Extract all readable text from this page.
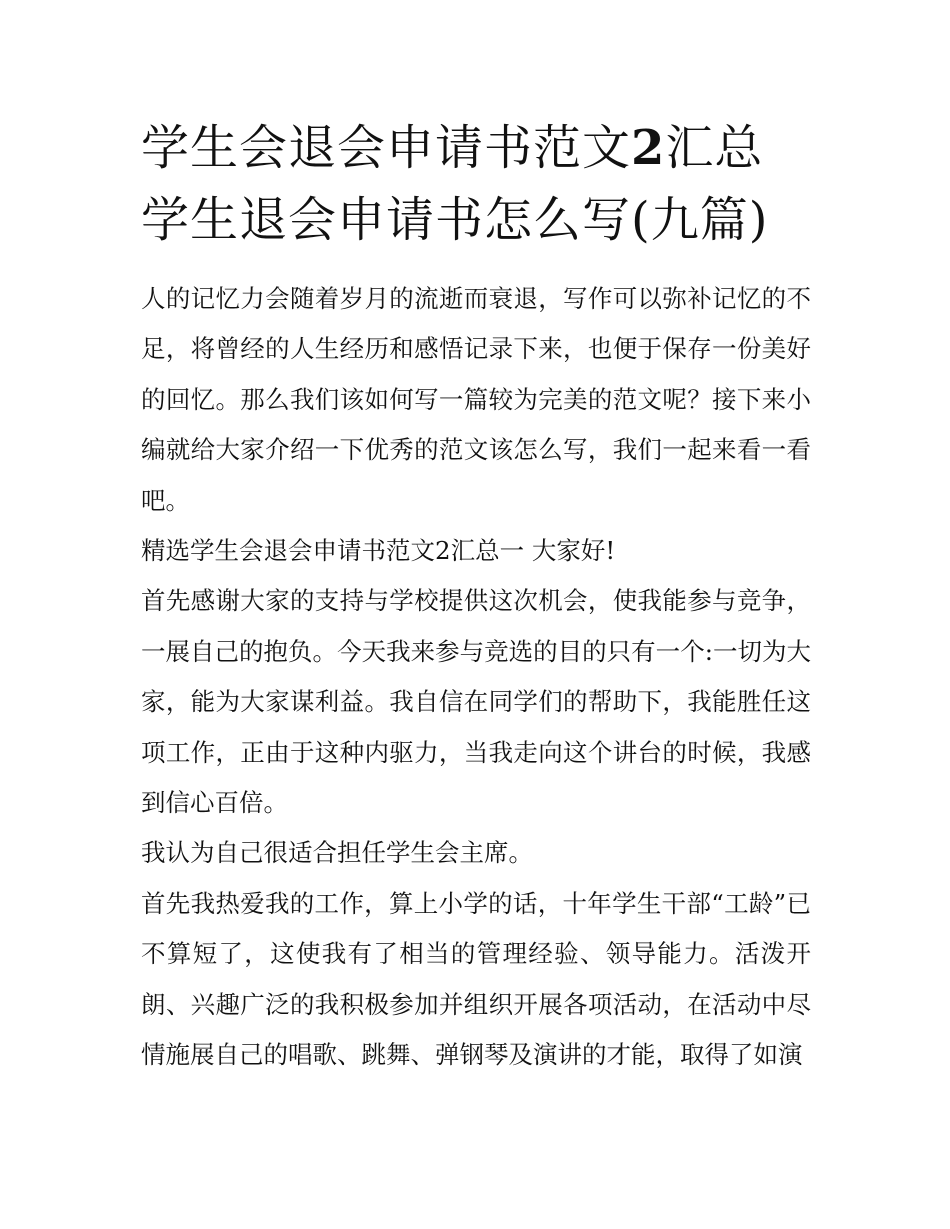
学生会退会申请书范文2汇总
学生退会申请书怎么写(九篇)

人的记忆力会随着岁月的流逝而衰退，写作可以弥补记忆的不足，将曾经的人生经历和感悟记录下来，也便于保存一份美好的回忆。那么我们该如何写一篇较为完美的范文呢？接下来小编就给大家介绍一下优秀的范文该怎么写，我们一起来看一看吧。

精选学生会退会申请书范文2汇总一 大家好!

首先感谢大家的支持与学校提供这次机会，使我能参与竞争，一展自己的抱负。今天我来参与竞选的目的只有一个:一切为大家，能为大家谋利益。我自信在同学们的帮助下，我能胜任这项工作，正由于这种内驱力，当我走向这个讲台的时候，我感到信心百倍。

我认为自己很适合担任学生会主席。

首先我热爱我的工作，算上小学的话，十年学生干部“工龄”已不算短了，这使我有了相当的管理经验、领导能力。活泼开朗、兴趣广泛的我积极参加并组织开展各项活动，在活动中尽情施展自己的唱歌、跳舞、弹钢琴及演讲的才能，取得了如演
